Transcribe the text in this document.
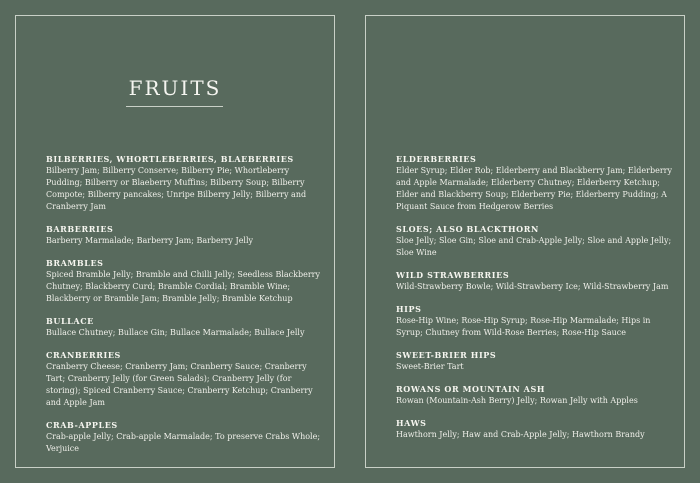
FRUITS
BILBERRIES, WHORTLEBERRIES, BLAEBERRIES
Bilberry Jam; Bilberry Conserve; Bilberry Pie; Whortleberry Pudding; Bilberry or Blaeberry Muffins; Bilberry Soup; Bilberry Compote; Bilberry pancakes; Unripe Bilberry Jelly; Bilberry and Cranberry Jam
BARBERRIES
Barberry Marmalade; Barberry Jam; Barberry Jelly
BRAMBLES
Spiced Bramble Jelly; Bramble and Chilli Jelly; Seedless Blackberry Chutney; Blackberry Curd; Bramble Cordial; Bramble Wine; Blackberry or Bramble Jam; Bramble Jelly; Bramble Ketchup
BULLACE
Bullace Chutney; Bullace Gin; Bullace Marmalade; Bullace Jelly
CRANBERRIES
Cranberry Cheese; Cranberry Jam; Cranberry Sauce; Cranberry Tart; Cranberry Jelly (for Green Salads); Cranberry Jelly (for storing); Spiced Cranberry Sauce; Cranberry Ketchup; Cranberry and Apple Jam
CRAB-APPLES
Crab-apple Jelly; Crab-apple Marmalade; To preserve Crabs Whole; Verjuice
ELDERBERRIES
Elder Syrup; Elder Rob; Elderberry and Blackberry Jam; Elderberry and Apple Marmalade; Elderberry Chutney; Elderberry Ketchup; Elder and Blackberry Soup; Elderberry Pie; Elderberry Pudding; A Piquant Sauce from Hedgerow Berries
SLOES; ALSO BLACKTHORN
Sloe Jelly; Sloe Gin; Sloe and Crab-Apple Jelly; Sloe and Apple Jelly; Sloe Wine
WILD STRAWBERRIES
Wild-Strawberry Bowle; Wild-Strawberry Ice; Wild-Strawberry Jam
HIPS
Rose-Hip Wine; Rose-Hip Syrup; Rose-Hip Marmalade; Hips in Syrup; Chutney from Wild-Rose Berries; Rose-Hip Sauce
SWEET-BRIER HIPS
Sweet-Brier Tart
ROWANS OR MOUNTAIN ASH
Rowan (Mountain-Ash Berry) Jelly; Rowan Jelly with Apples
HAWS
Hawthorn Jelly; Haw and Crab-Apple Jelly; Hawthorn Brandy
